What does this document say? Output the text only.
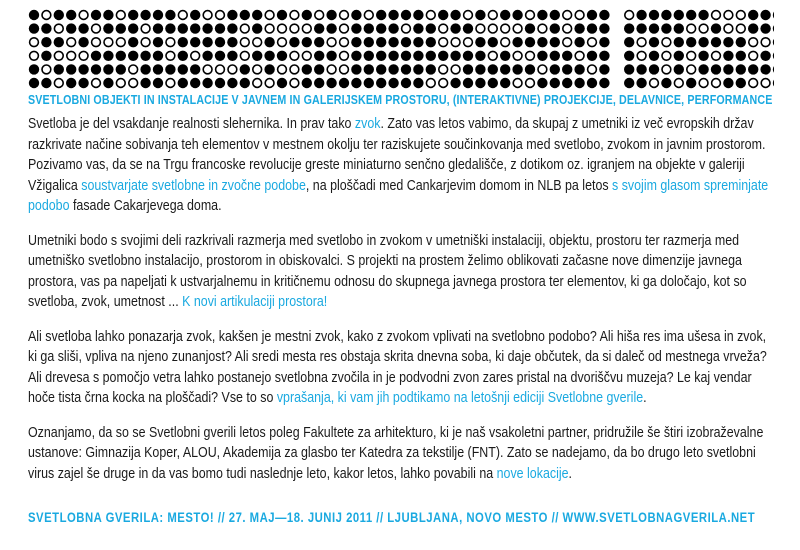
SVETLOBNI OBJEKTI IN INSTALACIJE V JAVNEM IN GALERIJSKEM PROSTORU, (INTERAKTIVNE) PROJEKCIJE, DELAVNICE, PERFORMANCE

Svetloba je del vsakdanje realnosti slehernika. In prav tako zvok. Zato vas letos vabimo, da skupaj z umetniki iz več evropskih držav razkrivate načine sobivanja teh elementov v mestnem okolju ter raziskujete součinkovanja med svetlobo, zvokom in javnim prostorom. Pozivamo vas, da se na Trgu francoske revolucije greste miniaturno senčno gledališče, z dotikom oz. igranjem na objekte v galeriji Vžigalica soustvarjate svetlobne in zvočne podobe, na ploščadi med Cankarjevim domom in NLB pa letos s svojim glasom spreminjate podobo fasade Cakarjevega doma.

Umetniki bodo s svojimi deli razkrivali razmerja med svetlobo in zvokom v umetniški instalaciji, objektu, prostoru ter razmerja med umetniško svetlobno instalacijo, prostorom in obiskovalci. S projekti na prostem želimo oblikovati začasne nove dimenzije javnega prostora, vas pa napeljati k ustvarjalnemu in kritičnemu odnosu do skupnega javnega prostora ter elementov, ki ga določajo, kot so svetloba, zvok, umetnost ... K novi artikulaciji prostora!

Ali svetloba lahko ponazarja zvok, kakšen je mestni zvok, kako z zvokom vplivati na svetlobno podobo? Ali hiša res ima ušesa in zvok, ki ga sliši, vpliva na njeno zunanjost? Ali sredi mesta res obstaja skrita dnevna soba, ki daje občutek, da si daleč od mestnega vrveža? Ali drevesa s pomočjo vetra lahko postanejo svetlobna zvočila in je podvodni zvon zares pristal na dvoriščvu muzeja? Le kaj vendar hoče tista črna kocka na ploščadi? Vse to so vprašanja, ki vam jih podtikamo na letošnji ediciji Svetlobne gverile.

Oznanjamo, da so se Svetlobni gverili letos poleg Fakultete za arhitekturo, ki je naš vsakoletni partner, pridružile še štiri izobraževalne ustanove: Gimnazija Koper, ALOU, Akademija za glasbo ter Katedra za tekstilje (FNT). Zato se nadejamo, da bo drugo leto svetlobni virus zajel še druge in da vas bomo tudi naslednje leto, kakor letos, lahko povabili na nove lokacije.

SVETLOBNA GVERILA: MESTO! // 27. MAJ—18. JUNIJ 2011 // LJUBLJANA, NOVO MESTO // WWW.SVETLOBNAGVERILA.NET
